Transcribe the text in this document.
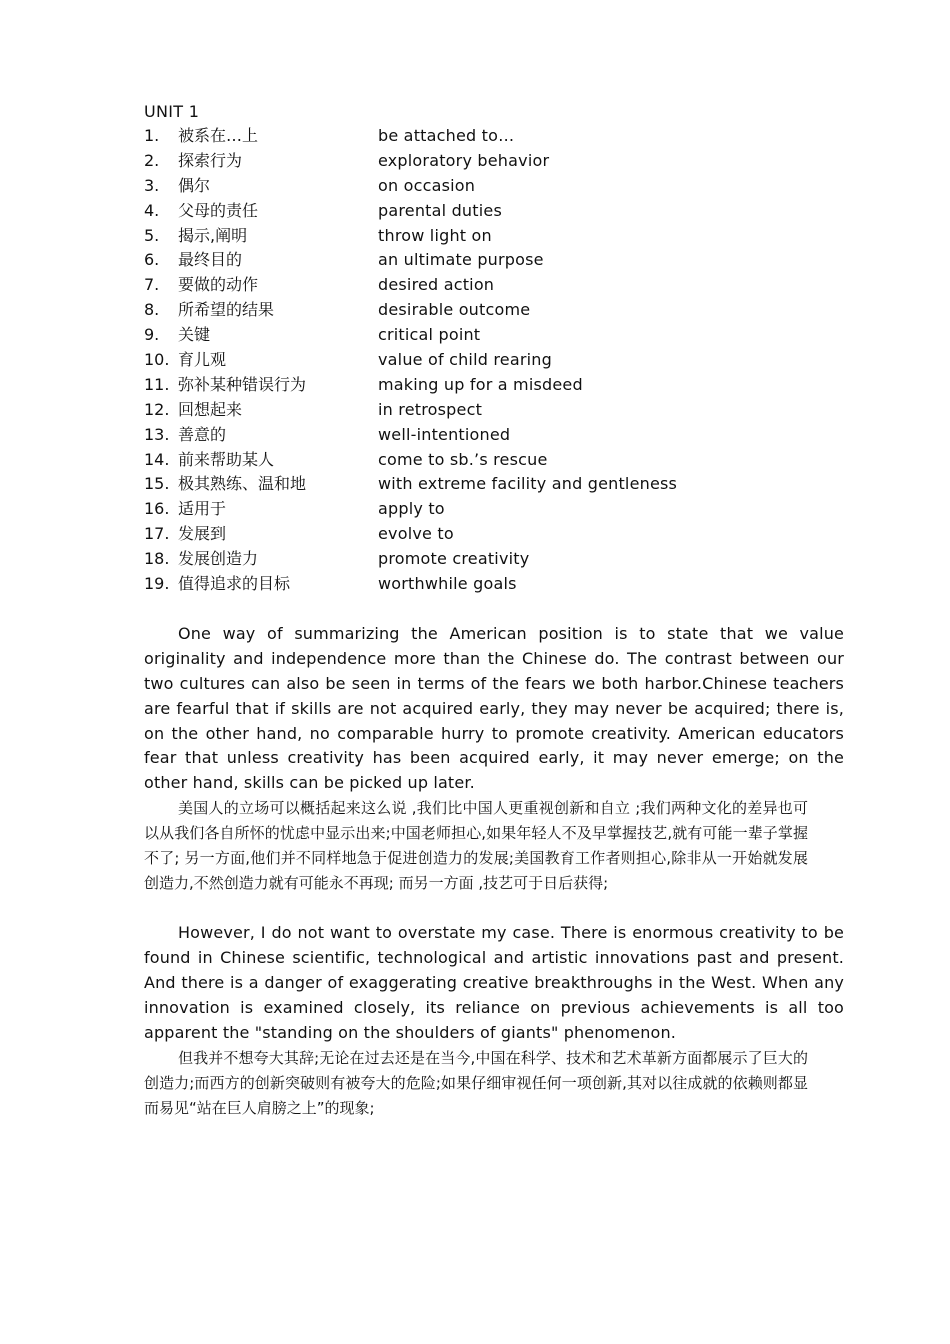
UNIT 1
1.	被系在…上	be attached to…
2.	探索行为	exploratory behavior
3.	偶尔	on occasion
4.	父母的责任	parental duties
5.	揭示,阐明	throw light on
6.	最终目的	an ultimate purpose
7.	要做的动作	desired action
8.	所希望的结果	desirable outcome
9.	关键	critical point
10. 育儿观	value of child rearing
11. 弥补某种错误行为	making up for a misdeed
12. 回想起来	in retrospect
13. 善意的	well-intentioned
14. 前来帮助某人	come to sb.’s rescue
15. 极其熟练、温和地	with extreme facility and gentleness
16. 适用于	apply to
17. 发展到	evolve to
18. 发展创造力	promote creativity
19. 值得追求的目标	worthwhile goals

One way of summarizing the American position is to state that we value originality and independence more than the Chinese do. The contrast between our two cultures can also be seen in terms of the fears we both harbor.Chinese teachers are fearful that if skills are not acquired early, they may never be acquired; there is, on the other hand, no comparable hurry to promote creativity. American educators fear that unless creativity has been acquired early, it may never emerge; on the other hand, skills can be picked up later.

美国人的立场可以概括起来这么说 ,我们比中国人更重视创新和自立 ;我们两种文化的差异也可以从我们各自所怀的忧虑中显示出来;中国老师担心,如果年轻人不及早掌握技艺,就有可能一辈子掌握不了; 另一方面,他们并不同样地急于促进创造力的发展;美国教育工作者则担心,除非从一开始就发展创造力,不然创造力就有可能永不再现; 而另一方面 ,技艺可于日后获得;

However, I do not want to overstate my case. There is enormous creativity to be found in Chinese scientific, technological and artistic innovations past and present. And there is a danger of exaggerating creative breakthroughs in the West. When any innovation is examined closely, its reliance on previous achievements is all too apparent the "standing on the shoulders of giants" phenomenon.

但我并不想夸大其辞;无论在过去还是在当今,中国在科学、技术和艺术革新方面都展示了巨大的创造力;而西方的创新突破则有被夸大的危险;如果仔细审视任何一项创新,其对以往成就的依赖则都显而易见“站在巨人肩膀之上”的现象;
